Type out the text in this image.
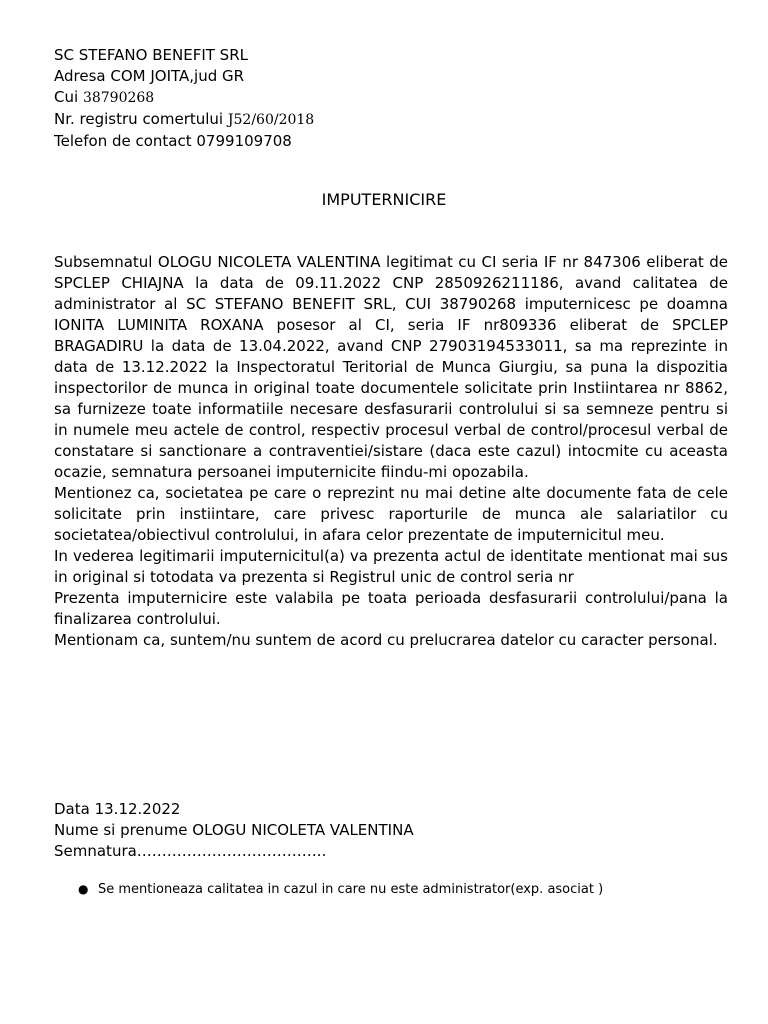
SC STEFANO BENEFIT SRL
Adresa COM JOITA,jud GR
Cui 38790268
Nr. registru comertului J52/60/2018
Telefon de contact 0799109708
IMPUTERNICIRE

Subsemnatul OLOGU NICOLETA VALENTINA legitimat cu CI seria IF nr 847306 eliberat de SPCLEP CHIAJNA la data de 09.11.2022 CNP 2850926211186, avand calitatea de administrator al SC STEFANO BENEFIT SRL, CUI 38790268 imputernicesc pe doamna IONITA LUMINITA ROXANA posesor al CI, seria IF nr809336 eliberat de SPCLEP BRAGADIRU la data de 13.04.2022, avand CNP 27903194533011, sa ma reprezinte in data de 13.12.2022 la Inspectoratul Teritorial de Munca Giurgiu, sa puna la dispozitia inspectorilor de munca in original toate documentele solicitate prin Instiintarea nr 8862, sa furnizeze toate informatiile necesare desfasurarii controlului si sa semneze pentru si in numele meu actele de control, respectiv procesul verbal de control/procesul verbal de constatare si sanctionare a contraventiei/sistare (daca este cazul) intocmite cu aceasta ocazie, semnatura persoanei imputernicite fiindu-mi opozabila.

Mentionez ca, societatea pe care o reprezint nu mai detine alte documente fata de cele solicitate prin instiintare, care privesc raporturile de munca ale salariatilor cu societatea/obiectivul controlului, in afara celor prezentate de imputernicitul meu.

In vederea legitimarii imputernicitul(a) va prezenta actul de identitate mentionat mai sus in original si totodata va prezenta si Registrul unic de control seria nr

Prezenta imputernicire este valabila pe toata perioada desfasurarii controlului/pana la finalizarea controlului.

Mentionam ca, suntem/nu suntem de acord cu prelucrarea datelor cu caracter personal.

Data 13.12.2022
Nume si prenume OLOGU NICOLETA VALENTINA
Semnatura………………………………..
● Se mentioneaza calitatea in cazul in care nu este administrator(exp. asociat )
